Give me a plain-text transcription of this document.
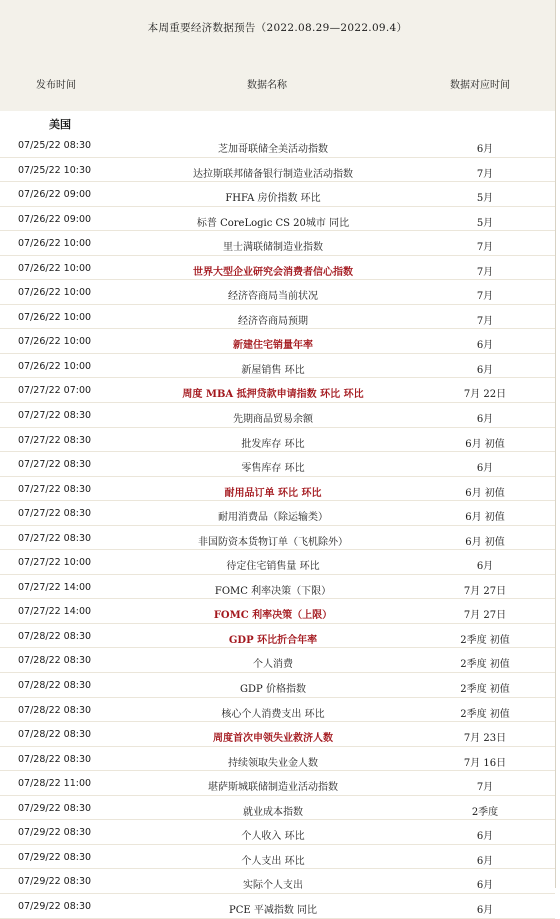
本周重要经济数据预告（2022.08.29—2022.09.4）
发布时间	数据名称	数据对应时间
美国
07/25/22 08:30	芝加哥联储全美活动指数	6月
07/25/22 10:30	达拉斯联邦储备银行制造业活动指数	7月
07/26/22 09:00	FHFA 房价指数 环比	5月
07/26/22 09:00	标普 CoreLogic CS 20城市 同比	5月
07/26/22 10:00	里士满联储制造业指数	7月
07/26/22 10:00	世界大型企业研究会消费者信心指数	7月
07/26/22 10:00	经济咨商局当前状况	7月
07/26/22 10:00	经济咨商局预期	7月
07/26/22 10:00	新建住宅销量年率	6月
07/26/22 10:00	新屋销售 环比	6月
07/27/22 07:00	周度 MBA 抵押贷款申请指数 环比 环比	7月 22日
07/27/22 08:30	先期商品贸易余额	6月
07/27/22 08:30	批发库存 环比	6月 初值
07/27/22 08:30	零售库存 环比	6月
07/27/22 08:30	耐用品订单 环比 环比	6月 初值
07/27/22 08:30	耐用消费品（除运输类）	6月 初值
07/27/22 08:30	非国防资本货物订单（飞机除外）	6月 初值
07/27/22 10:00	待定住宅销售量 环比	6月
07/27/22 14:00	FOMC 利率决策（下限）	7月 27日
07/27/22 14:00	FOMC 利率决策（上限）	7月 27日
07/28/22 08:30	GDP 环比折合年率	2季度 初值
07/28/22 08:30	个人消费	2季度 初值
07/28/22 08:30	GDP 价格指数	2季度 初值
07/28/22 08:30	核心个人消费支出 环比	2季度 初值
07/28/22 08:30	周度首次申领失业救济人数	7月 23日
07/28/22 08:30	持续领取失业金人数	7月 16日
07/28/22 11:00	堪萨斯城联储制造业活动指数	7月
07/29/22 08:30	就业成本指数	2季度
07/29/22 08:30	个人收入 环比	6月
07/29/22 08:30	个人支出 环比	6月
07/29/22 08:30	实际个人支出	6月
07/29/22 08:30	PCE 平减指数 同比	6月
